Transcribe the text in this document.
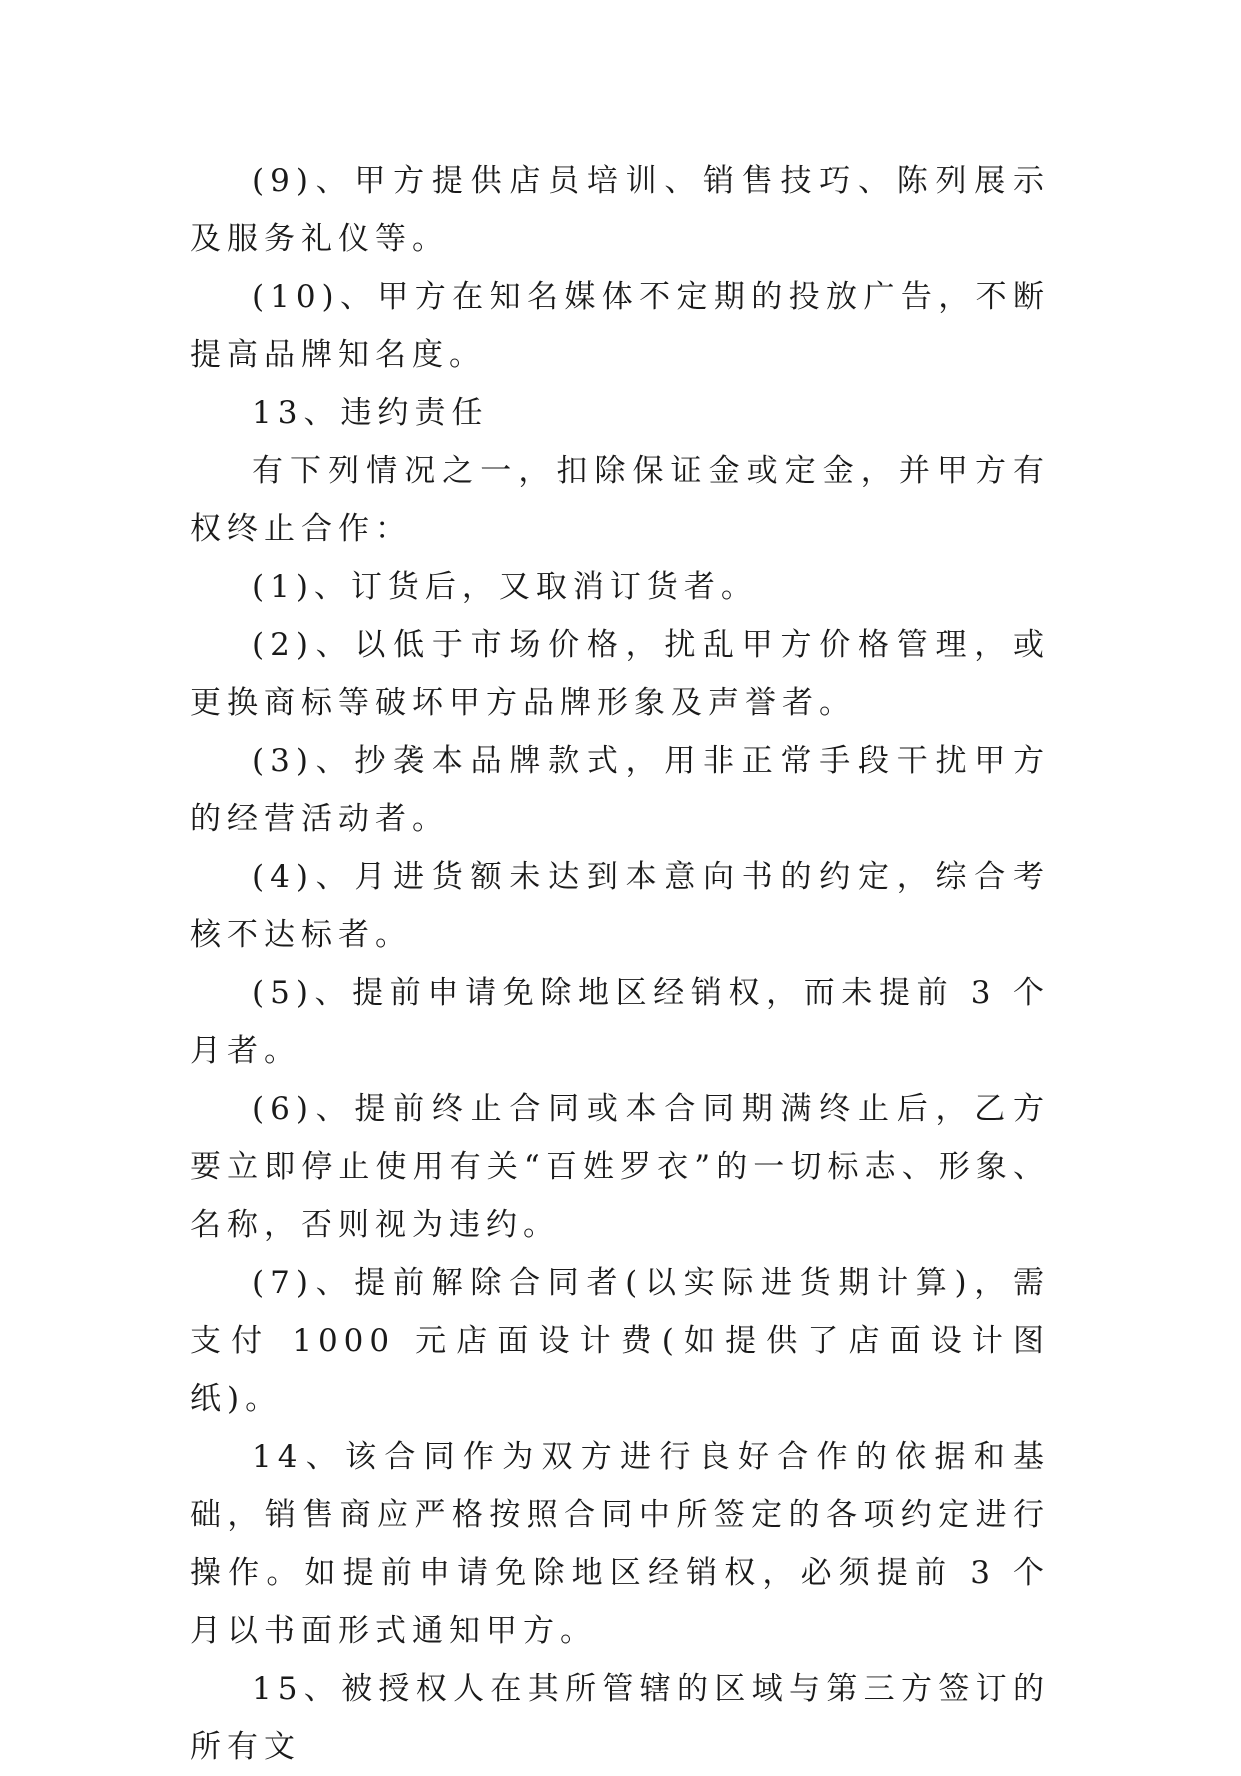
(9)、甲方提供店员培训、销售技巧、陈列展示及服务礼仪等。

(10)、甲方在知名媒体不定期的投放广告，不断提高品牌知名度。

13、违约责任

有下列情况之一，扣除保证金或定金，并甲方有权终止合作：

(1)、订货后，又取消订货者。

(2)、以低于市场价格，扰乱甲方价格管理，或更换商标等破坏甲方品牌形象及声誉者。

(3)、抄袭本品牌款式，用非正常手段干扰甲方的经营活动者。

(4)、月进货额未达到本意向书的约定，综合考核不达标者。

(5)、提前申请免除地区经销权，而未提前 3 个月者。

(6)、提前终止合同或本合同期满终止后，乙方要立即停止使用有关“百姓罗衣”的一切标志、形象、名称，否则视为违约。

(7)、提前解除合同者(以实际进货期计算)，需支付 1000 元店面设计费(如提供了店面设计图纸)。

14、该合同作为双方进行良好合作的依据和基础，销售商应严格按照合同中所签定的各项约定进行操作。如提前申请免除地区经销权，必须提前 3 个月以书面形式通知甲方。

15、被授权人在其所管辖的区域与第三方签订的所有文
